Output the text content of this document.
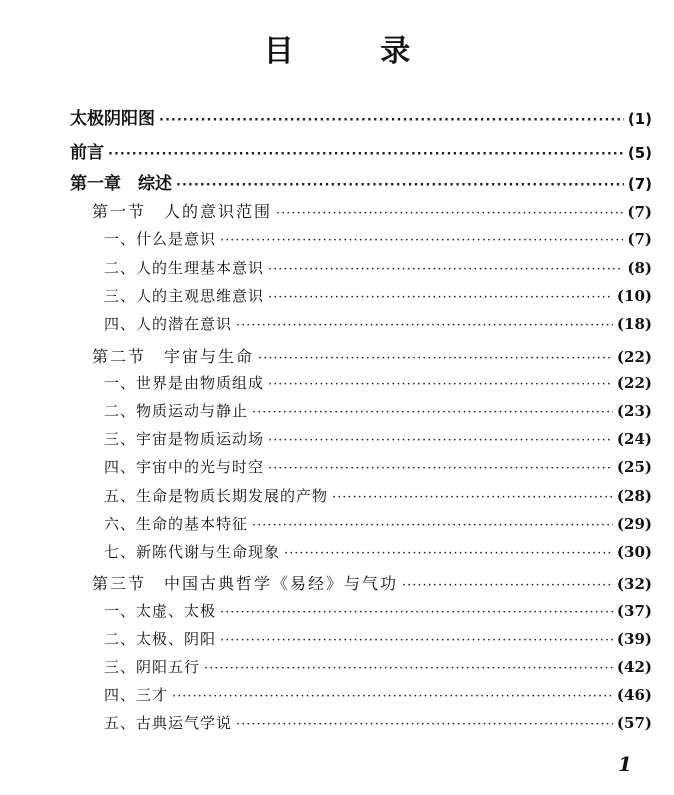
目 录
太极阴阳图 ·····	(1)
前言 ·····	(5)
第一章　综述 ·····	(7)
第一节　人的意识范围 ·····	(7)
一、什么是意识 ·····	(7)
二、人的生理基本意识 ·····	(8)
三、人的主观思维意识 ·····	(10)
四、人的潜在意识 ·····	(18)
第二节　宇宙与生命 ·····	(22)
一、世界是由物质组成 ·····	(22)
二、物质运动与静止 ·····	(23)
三、宇宙是物质运动场 ·····	(24)
四、宇宙中的光与时空 ·····	(25)
五、生命是物质长期发展的产物 ·····	(28)
六、生命的基本特征 ·····	(29)
七、新陈代谢与生命现象 ·····	(30)
第三节　中国古典哲学《易经》与气功 ·····	(32)
一、太虚、太极 ·····	(37)
二、太极、阴阳 ·····	(39)
三、阴阳五行 ·····	(42)
四、三才 ·····	(46)
五、古典运气学说 ·····	(57)
1
